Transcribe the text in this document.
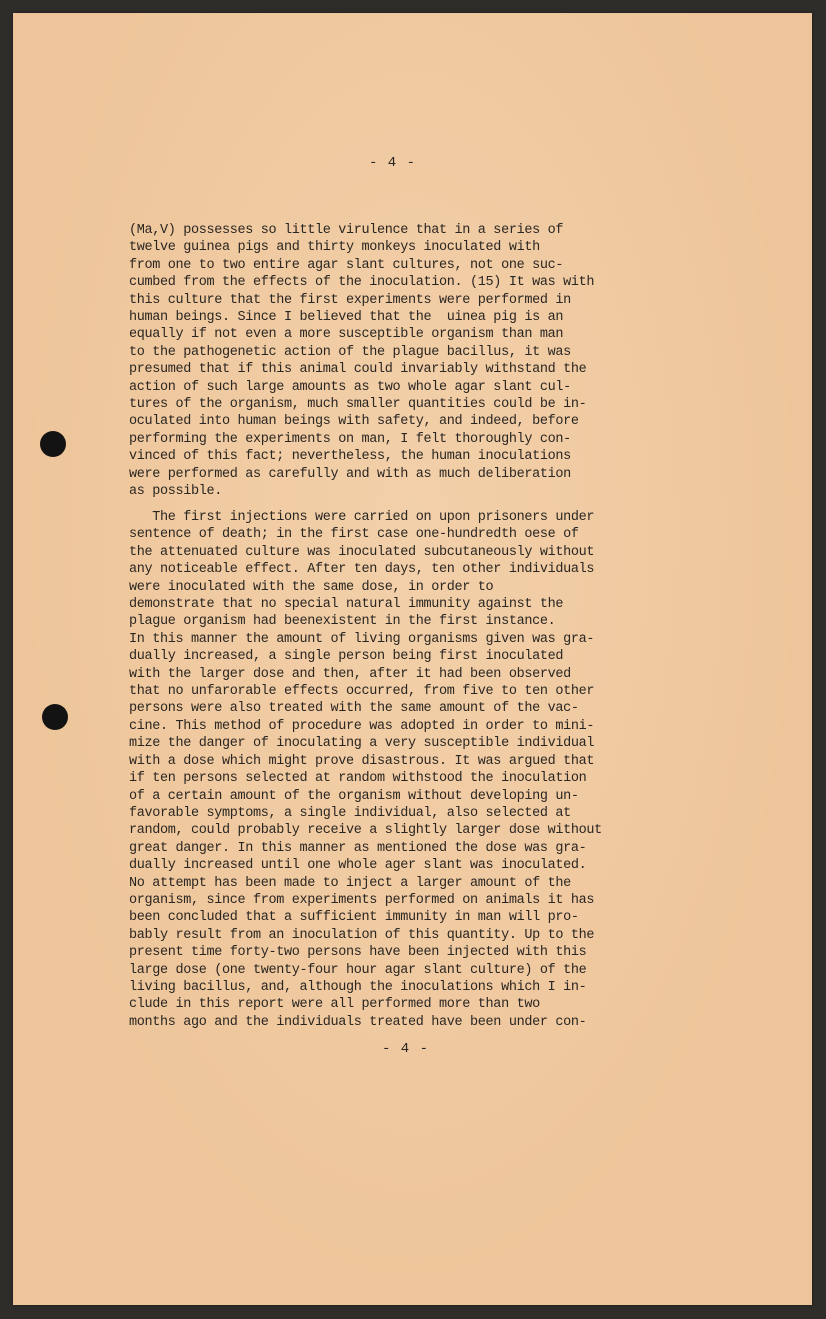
- 4 -
(Ma,V) possesses so little virulence that in a series of
twelve guinea pigs and thirty monkeys inoculated with
from one to two entire agar slant cultures, not one suc-
cumbed from the effects of the inoculation. (15) It was with
this culture that the first experiments were performed in
human beings. Since I believed that the  uinea pig is an
equally if not even a more susceptible organism than man
to the pathogenetic action of the plague bacillus, it was
presumed that if this animal could invariably withstand the
action of such large amounts as two whole agar slant cul-
tures of the organism, much smaller quantities could be in-
oculated into human beings with safety, and indeed, before
performing the experiments on man, I felt thoroughly con-
vinced of this fact; nevertheless, the human inoculations
were performed as carefully and with as much deliberation
as possible.
The first injections were carried on upon prisoners under
sentence of death; in the first case one-hundredth oese of
the attenuated culture was inoculated subcutaneously without
any noticeable effect. After ten days, ten other individuals
were inoculated with the same dose, in order to
demonstrate that no special natural immunity against the
plague organism had beenexistent in the first instance.
In this manner the amount of living organisms given was gra-
dually increased, a single person being first inoculated
with the larger dose and then, after it had been observed
that no unfarorable effects occurred, from five to ten other
persons were also treated with the same amount of the vac-
cine. This method of procedure was adopted in order to mini-
mize the danger of inoculating a very susceptible individual
with a dose which might prove disastrous. It was argued that
if ten persons selected at random withstood the inoculation
of a certain amount of the organism without developing un-
favorable symptoms, a single individual, also selected at
random, could probably receive a slightly larger dose without
great danger. In this manner as mentioned the dose was gra-
dually increased until one whole ager slant was inoculated.
No attempt has been made to inject a larger amount of the
organism, since from experiments performed on animals it has
been concluded that a sufficient immunity in man will pro-
bably result from an inoculation of this quantity. Up to the
present time forty-two persons have been injected with this
large dose (one twenty-four hour agar slant culture) of the
living bacillus, and, although the inoculations which I in-
clude in this report were all performed more than two
months ago and the individuals treated have been under con-
- 4 -
